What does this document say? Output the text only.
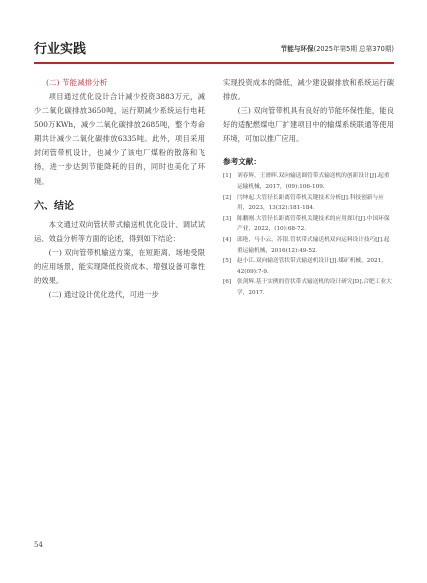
行业实践	节能与环保(2025年第5期 总第370期)

(二) 节能减排分析

项目通过优化设计合计减少投资3883万元，减少二氧化碳排放3650吨，运行期减少系统运行电耗500万KWh，减少二氧化碳排放2685吨，整个寿命期共计减少二氧化碳排放6335吨。此外，项目采用封闭管带机设计，也减少了该电厂煤粉的散落和飞扬，进一步达到节能降耗的目的，同时也美化了环境。

六、结论

本文通过双向管状带式输送机优化设计、调试试运、效益分析等方面的论述，得到如下结论：

(一) 双向管带机输送方案，在短距离、场地受限的应用场景，能实现降低投资成本、增强设备可靠性的效果。

(二) 通过设计优化迭代，可进一步

实现投资成本的降低，减少建设碳排放和系统运行碳排放。

(三) 双向管带机具有良好的节能环保性能，能良好的适配燃煤电厂扩建项目中的输煤系统联通等使用环境，可加以推广应用。

参考文献：
[1]	刘春辉，王滑晖.双向输送圆管带式输送机的创新设计[J].起重运输机械，2017，(09):106-109.
[2]	闫坤起.大管径长距离管带机关键技术分析[J].科技创新与应用，2023，13(32):181-184.
[3]	陈鹏刚.大管径长距离管带机关键技术的应用探讨[J].中国环保产业，2022，(10):68-72.
[4]	邱艳，马小云，苏银.管状带式输送机双向运料设计技巧[J].起重运输机械，2016(12):49-52.
[5]	赵小江.双向输送管状带式输送机设计[J].煤矿机械，2021，42(09):7-9.
[6]	张剑辉.基于实例的管状带式输送机的设计研究[D].合肥工业大学，2017.
54
